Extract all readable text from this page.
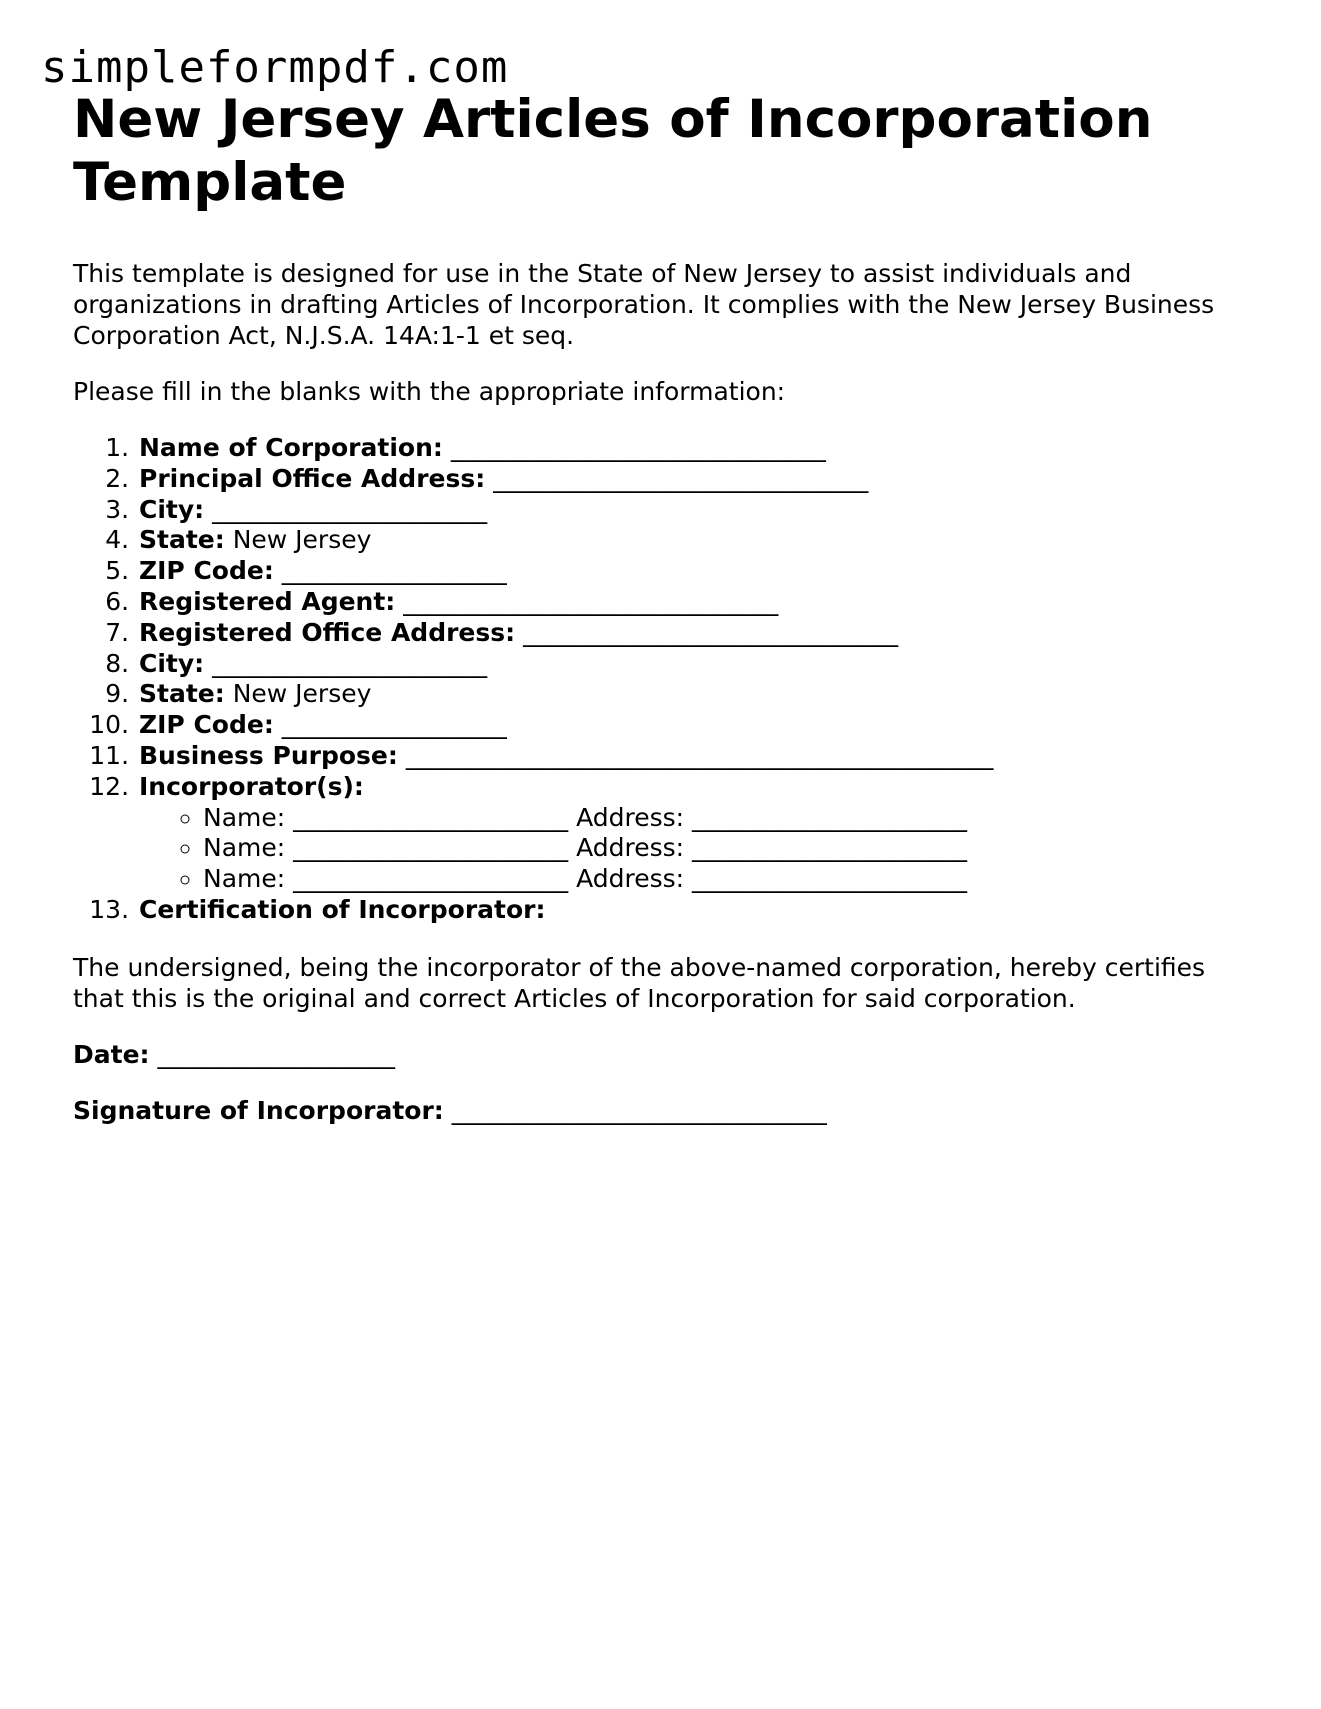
simpleformpdf.com
New Jersey Articles of Incorporation Template

This template is designed for use in the State of New Jersey to assist individuals and organizations in drafting Articles of Incorporation. It complies with the New Jersey Business Corporation Act, N.J.S.A. 14A:1-1 et seq.

Please fill in the blanks with the appropriate information:

1. Name of Corporation: ______________________________
2. Principal Office Address: ______________________________
3. City: ______________________
4. State: New Jersey
5. ZIP Code: __________________
6. Registered Agent: ______________________________
7. Registered Office Address: ______________________________
8. City: ______________________
9. State: New Jersey
10. ZIP Code: __________________
11. Business Purpose: _______________________________________________
12. Incorporator(s):
◦ Name: ______________________ Address: ______________________
◦ Name: ______________________ Address: ______________________
◦ Name: ______________________ Address: ______________________
13. Certification of Incorporator:

The undersigned, being the incorporator of the above-named corporation, hereby certifies that this is the original and correct Articles of Incorporation for said corporation.

Date: ___________________

Signature of Incorporator: ______________________________
